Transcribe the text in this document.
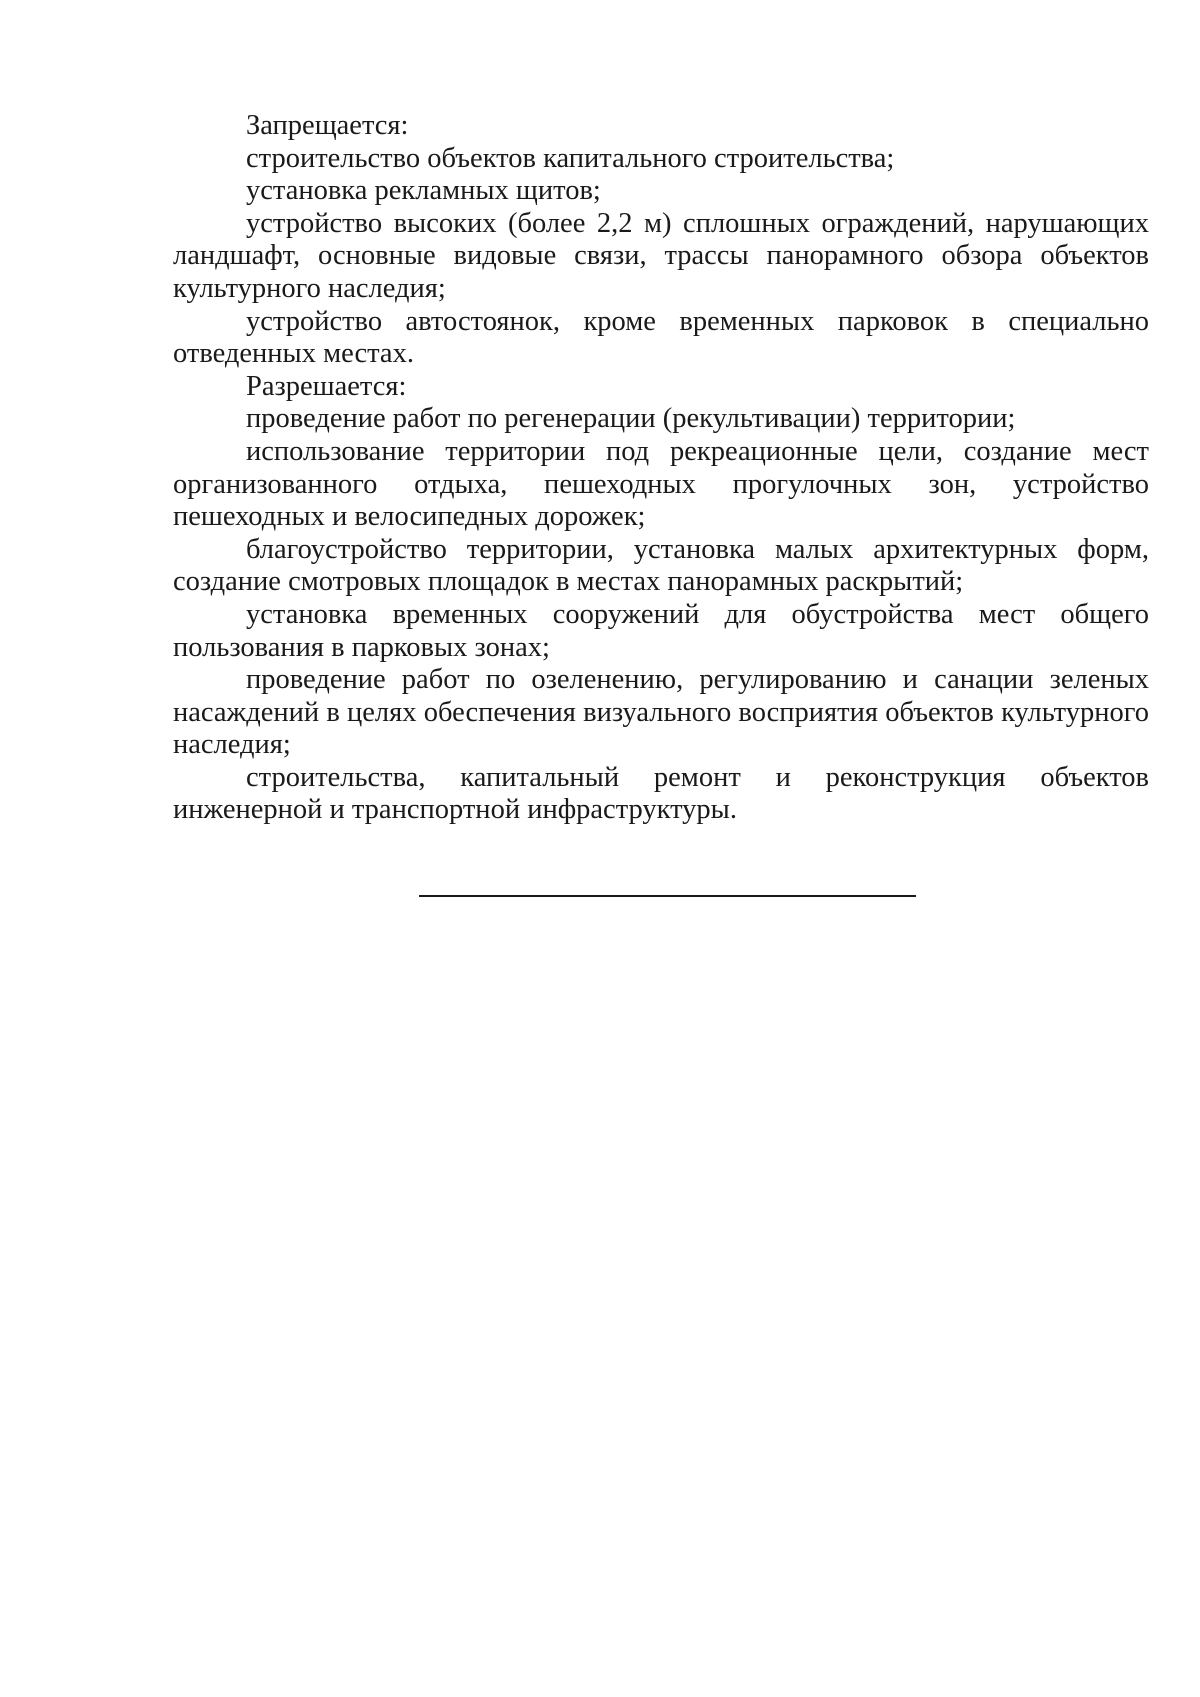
Запрещается:

строительство объектов капитального строительства;

установка рекламных щитов;

устройство высоких (более 2,2 м) сплошных ограждений, нарушающих ландшафт, основные видовые связи, трассы панорамного обзора объектов культурного наследия;

устройство автостоянок, кроме временных парковок в специально отведенных местах.

Разрешается:

проведение работ по регенерации (рекультивации) территории;

использование территории под рекреационные цели, создание мест организованного отдыха, пешеходных прогулочных зон, устройство пешеходных и велосипедных дорожек;

благоустройство территории, установка малых архитектурных форм, создание смотровых площадок в местах панорамных раскрытий;

установка временных сооружений для обустройства мест общего пользования в парковых зонах;

проведение работ по озеленению, регулированию и санации зеленых насаждений в целях обеспечения визуального восприятия объектов культурного наследия;

строительства, капитальный ремонт и реконструкция объектов инженерной и транспортной инфраструктуры.
